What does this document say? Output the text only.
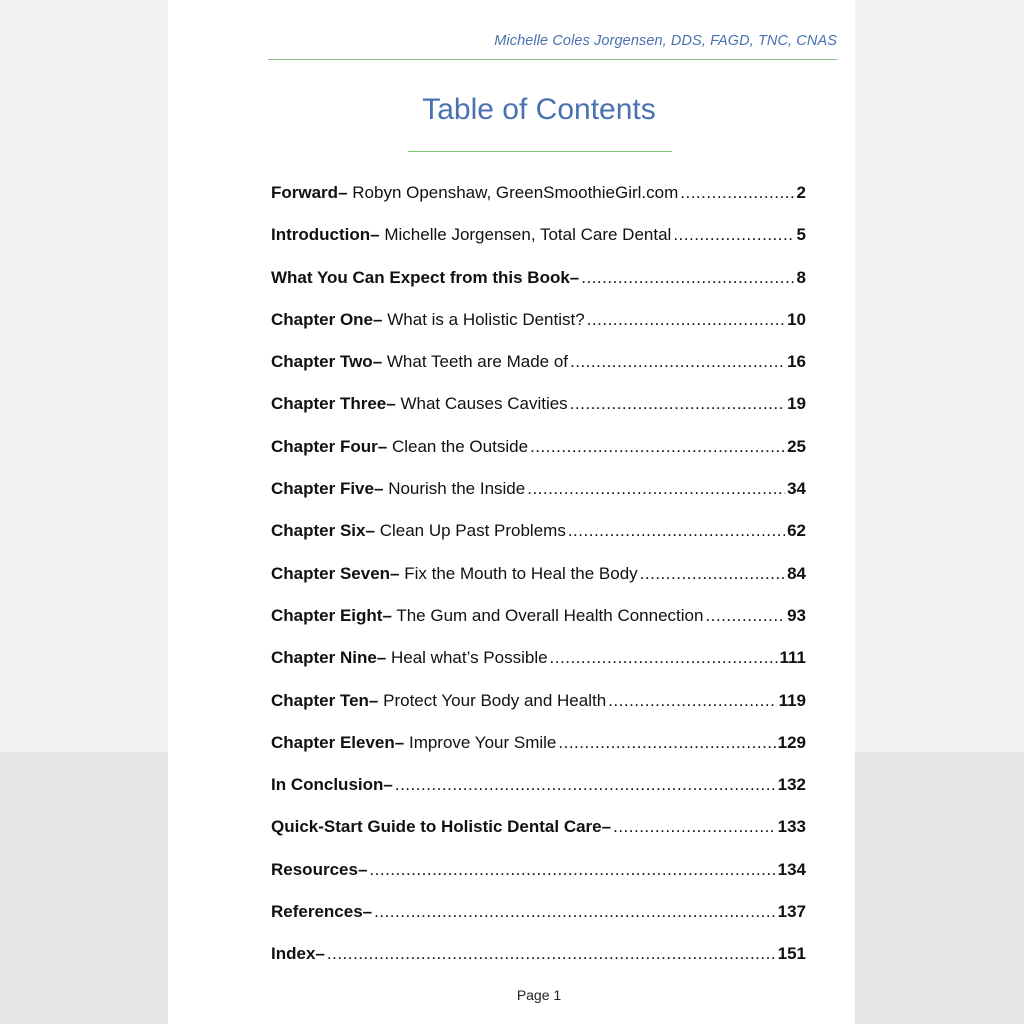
Michelle Coles Jorgensen, DDS, FAGD, TNC, CNAS
Table of Contents
Forward– Robyn Openshaw, GreenSmoothieGirl.com .....	2
Introduction– Michelle Jorgensen, Total Care Dental .....	5
What You Can Expect from this Book– .....	8
Chapter One– What is a Holistic Dentist? .....	10
Chapter Two– What Teeth are Made of .....	16
Chapter Three– What Causes Cavities .....	19
Chapter Four– Clean the Outside .....	25
Chapter Five– Nourish the Inside .....	34
Chapter Six– Clean Up Past Problems .....	62
Chapter Seven– Fix the Mouth to Heal the Body .....	84
Chapter Eight– The Gum and Overall Health Connection .....	93
Chapter Nine– Heal what’s Possible .....	111
Chapter Ten– Protect Your Body and Health .....	119
Chapter Eleven– Improve Your Smile .....	129
In Conclusion– .....	132
Quick-Start Guide to Holistic Dental Care– .....	133
Resources– .....	134
References– .....	137
Index– .....	151
Page 1
